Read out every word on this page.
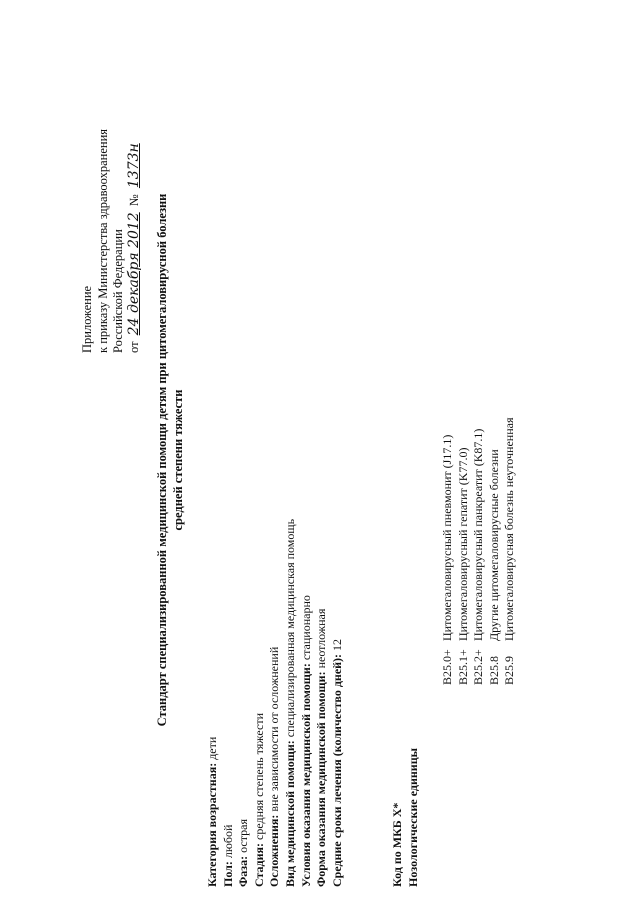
Приложение к приказу Министерства здравоохранения Российской Федерации от 24 декабря 2012 № 1373н
Стандарт специализированной медицинской помощи детям при цитомегаловирусной болезни средней степени тяжести
Категория возрастная: дети
Пол: любой
Фаза: острая
Стадия: средняя степень тяжести
Осложнения: вне зависимости от осложнений Вид медицинской помощи: специализированная медицинская помощь
Условия оказания медицинской помощи: стационарно
Форма оказания медицинской помощи: неотложная
Средние сроки лечения (количество дней): 12
Код по МКБ X* Нозологические единицы
B25.0+
Цитомегаловирусный пневмонит (J17.1)
B25.1+
Цитомегаловирусный гепатит (K77.0)
B25.2+
Цитомегаловирусный панкреатит (K87.1)
B25.8
Другие цитомегаловирусные болезни
B25.9
Цитомегаловирусная болезнь неуточненная
